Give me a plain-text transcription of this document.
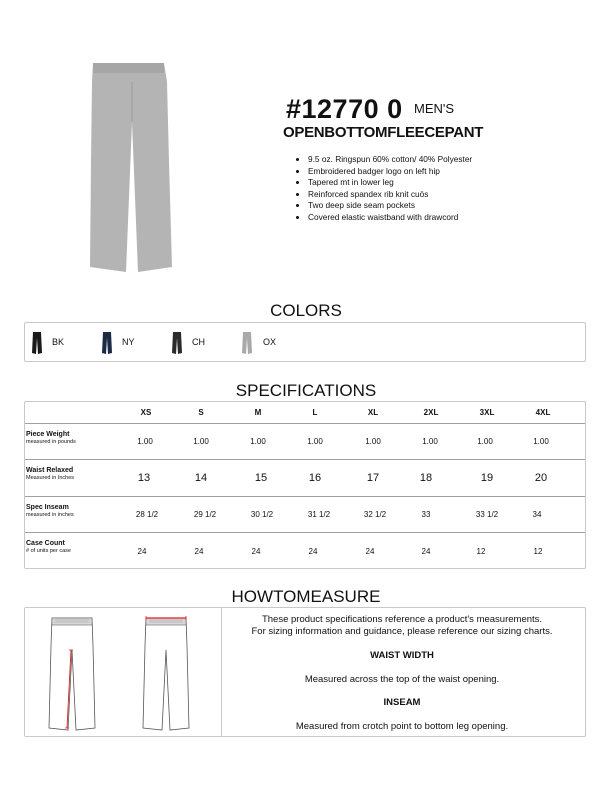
#12770 0 MEN'S
OPENBOTTOMFLEECEPANT
• 9.5 oz. Ringspun 60% cotton/ 40% Polyester
• Embroidered badger logo on left hip
• Tapered mt in lower leg
• Reinforced spandex rib knit cuös
• Two deep side seam pockets
• Covered elastic waistband with drawcord
COLORS
BK	NY	CH	OX
SPECIFICATIONS
XS	S	M	L	XL	2XL	3XL	4XL
Piece Weight
measured in pounds	1.00	1.00	1.00	1.00	1.00	1.00	1.00	1.00
Waist Relaxed
Measured in Inches	13	14	15	16	17	18	19	20
Spec Inseam
measured in inches	28 1/2	29 1/2	30 1/2	31 1/2	32 1/2	33	33 1/2	34
Case Count
# of units per case	24	24	24	24	24	24	12	12
HOWTOMEASURE
These product specifications reference a product's measurements.
For sizing information and guidance, please reference our sizing charts.
WAIST WIDTH
Measured across the top of the waist opening.
INSEAM
Measured from crotch point to bottom leg opening.
